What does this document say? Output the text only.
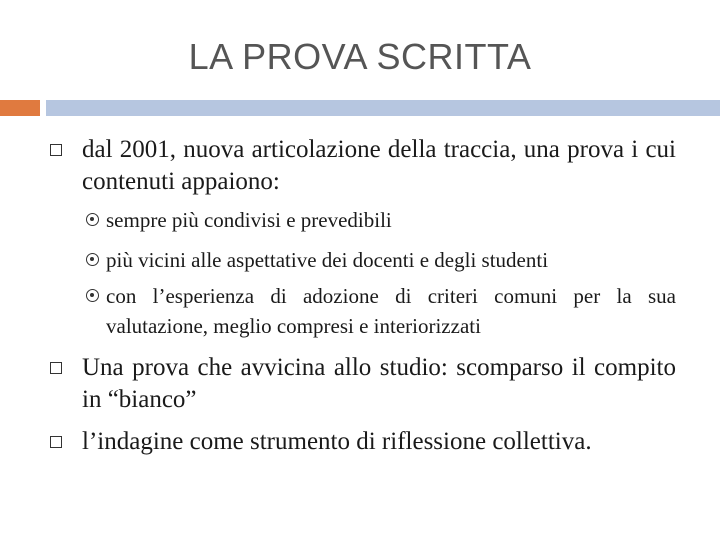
LA PROVA SCRITTA
dal 2001, nuova articolazione della traccia, una prova i cui contenuti appaiono:
sempre più condivisi e prevedibili
più vicini alle aspettative dei docenti e degli studenti
con l’esperienza di adozione di criteri comuni per la sua valutazione, meglio compresi e interiorizzati
Una prova che avvicina allo studio: scomparso il compito in “bianco”
l’indagine come strumento di riflessione collettiva.
